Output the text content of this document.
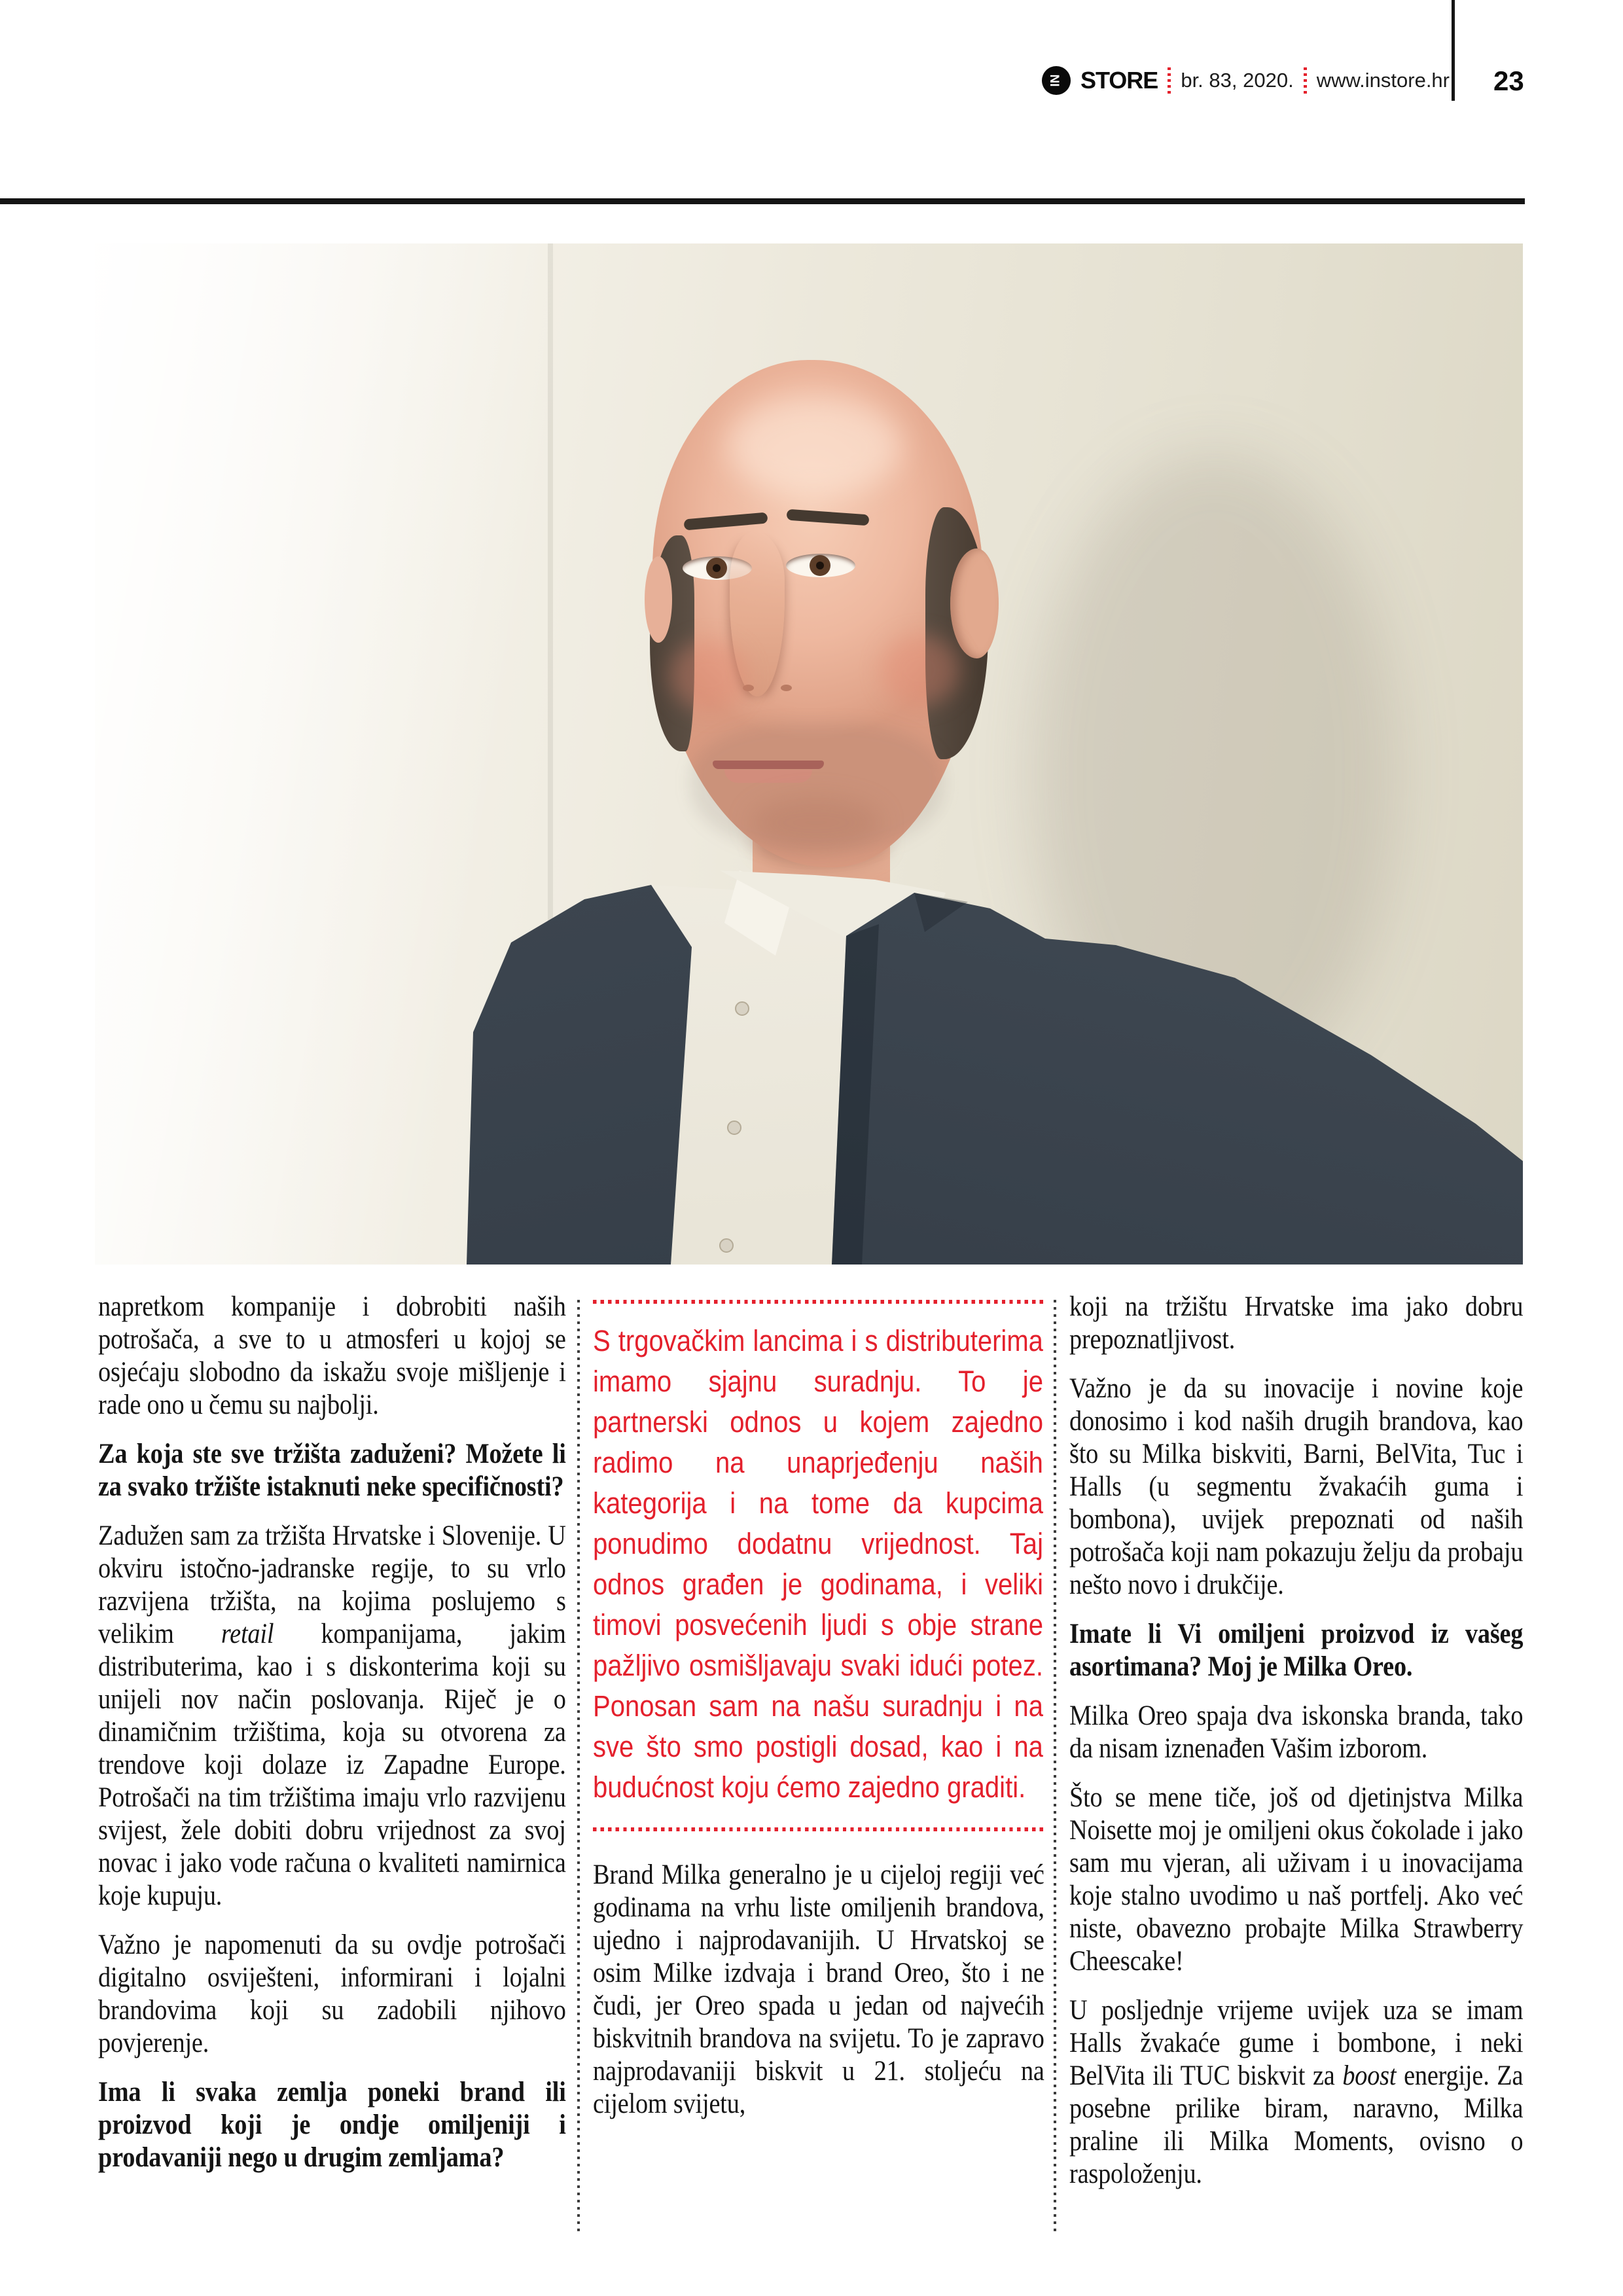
IN STORE br. 83, 2020. www.instore.hr 23

napretkom kompanije i dobrobiti naših potrošača, a sve to u atmosferi u kojoj se osjećaju slobodno da iskažu svoje mišljenje i rade ono u čemu su najbolji.

Za koja ste sve tržišta zaduženi? Možete li za svako tržište istaknuti neke specifičnosti?

Zadužen sam za tržišta Hrvatske i Slovenije. U okviru istočno-jadranske regije, to su vrlo razvijena tržišta, na kojima poslujemo s velikim retail kompanijama, jakim distributerima, kao i s diskonterima koji su unijeli nov način poslovanja. Riječ je o dinamičnim tržištima, koja su otvorena za trendove koji dolaze iz Zapadne Europe. Potrošači na tim tržištima imaju vrlo razvijenu svijest, žele dobiti dobru vrijednost za svoj novac i jako vode računa o kvaliteti namirnica koje kupuju.

Važno je napomenuti da su ovdje potrošači digitalno osviješteni, informirani i lojalni brandovima koji su zadobili njihovo povjerenje.

Ima li svaka zemlja poneki brand ili proizvod koji je ondje omiljeniji i prodavaniji nego u drugim zemljama?

S trgovačkim lancima i s distributerima imamo sjajnu suradnju. To je partnerski odnos u kojem zajedno radimo na unaprjeđenju naših kategorija i na tome da kupcima ponudimo dodatnu vrijednost. Taj odnos građen je godinama, i veliki timovi posvećenih ljudi s obje strane pažljivo osmišljavaju svaki idući potez. Ponosan sam na našu suradnju i na sve što smo postigli dosad, kao i na budućnost koju ćemo zajedno graditi.

Brand Milka generalno je u cijeloj regiji već godinama na vrhu liste omiljenih brandova, ujedno i najprodavanijih. U Hrvatskoj se osim Milke izdvaja i brand Oreo, što i ne čudi, jer Oreo spada u jedan od najvećih biskvitnih brandova na svijetu. To je zapravo najprodavaniji biskvit u 21. stoljeću na cijelom svijetu,

koji na tržištu Hrvatske ima jako dobru prepoznatljivost.

Važno je da su inovacije i novine koje donosimo i kod naših drugih brandova, kao što su Milka biskviti, Barni, BelVita, Tuc i Halls (u segmentu žvakaćih guma i bombona), uvijek prepoznati od naših potrošača koji nam pokazuju želju da probaju nešto novo i drukčije.

Imate li Vi omiljeni proizvod iz vašeg asortimana? Moj je Milka Oreo.

Milka Oreo spaja dva iskonska branda, tako da nisam iznenađen Vašim izborom.

Što se mene tiče, još od djetinjstva Milka Noisette moj je omiljeni okus čokolade i jako sam mu vjeran, ali uživam i u inovacijama koje stalno uvodimo u naš portfelj. Ako već niste, obavezno probajte Milka Strawberry Cheescake!

U posljednje vrijeme uvijek uza se imam Halls žvakaće gume i bombone, i neki BelVita ili TUC biskvit za boost energije. Za posebne prilike biram, naravno, Milka praline ili Milka Moments, ovisno o raspoloženju.
